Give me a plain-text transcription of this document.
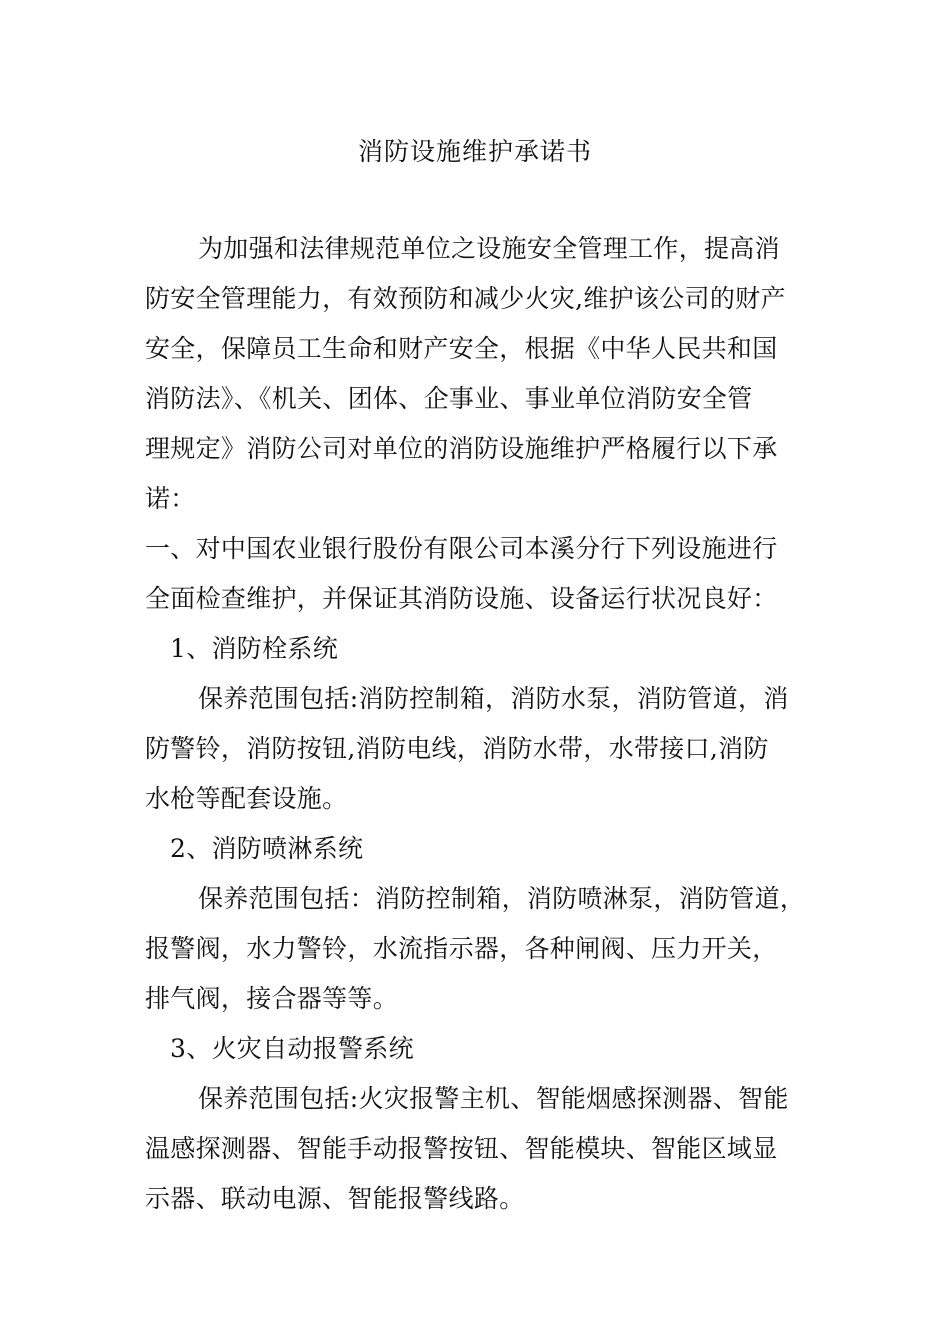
消防设施维护承诺书
为加强和法律规范单位之设施安全管理工作，提高消
防安全管理能力，有效预防和减少火灾,维护该公司的财产
安全，保障员工生命和财产安全，根据《中华人民共和国
消防法》、《机关、团体、企事业、事业单位消防安全管
理规定》消防公司对单位的消防设施维护严格履行以下承
诺：
一、对中国农业银行股份有限公司本溪分行下列设施进行
全面检查维护，并保证其消防设施、设备运行状况良好：
1、消防栓系统
保养范围包括:消防控制箱，消防水泵，消防管道，消
防警铃，消防按钮,消防电线，消防水带，水带接口,消防
水枪等配套设施。
2、消防喷淋系统
保养范围包括：消防控制箱，消防喷淋泵，消防管道，
报警阀，水力警铃，水流指示器，各种闸阀、压力开关，
排气阀，接合器等等。
3、火灾自动报警系统
保养范围包括:火灾报警主机、智能烟感探测器、智能
温感探测器、智能手动报警按钮、智能模块、智能区域显
示器、联动电源、智能报警线路。
